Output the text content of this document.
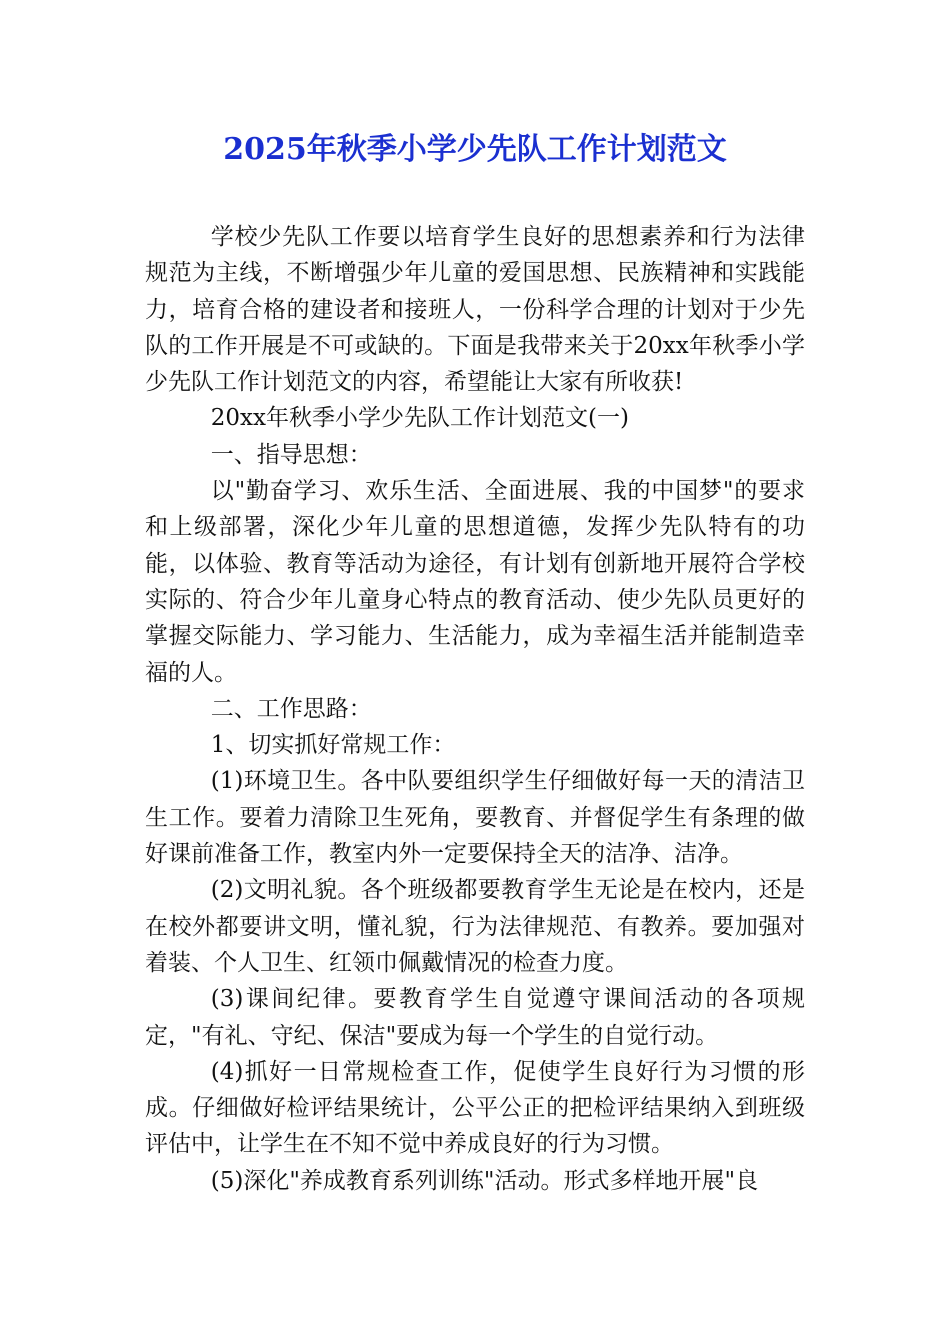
2025年秋季小学少先队工作计划范文

学校少先队工作要以培育学生良好的思想素养和行为法律规范为主线，不断增强少年儿童的爱国思想、民族精神和实践能力，培育合格的建设者和接班人，一份科学合理的计划对于少先队的工作开展是不可或缺的。下面是我带来关于20xx年秋季小学少先队工作计划范文的内容，希望能让大家有所收获!

20xx年秋季小学少先队工作计划范文(一)

一、指导思想：

以"勤奋学习、欢乐生活、全面进展、我的中国梦"的要求和上级部署，深化少年儿童的思想道德，发挥少先队特有的功能，以体验、教育等活动为途径，有计划有创新地开展符合学校实际的、符合少年儿童身心特点的教育活动、使少先队员更好的掌握交际能力、学习能力、生活能力，成为幸福生活并能制造幸福的人。

二、工作思路：

1、切实抓好常规工作：

(1)环境卫生。各中队要组织学生仔细做好每一天的清洁卫生工作。要着力清除卫生死角，要教育、并督促学生有条理的做好课前准备工作，教室内外一定要保持全天的洁净、洁净。

(2)文明礼貌。各个班级都要教育学生无论是在校内，还是在校外都要讲文明，懂礼貌，行为法律规范、有教养。要加强对着装、个人卫生、红领巾佩戴情况的检查力度。

(3)课间纪律。要教育学生自觉遵守课间活动的各项规定，"有礼、守纪、保洁"要成为每一个学生的自觉行动。

(4)抓好一日常规检查工作，促使学生良好行为习惯的形成。仔细做好检评结果统计，公平公正的把检评结果纳入到班级评估中，让学生在不知不觉中养成良好的行为习惯。

(5)深化"养成教育系列训练"活动。形式多样地开展"良
